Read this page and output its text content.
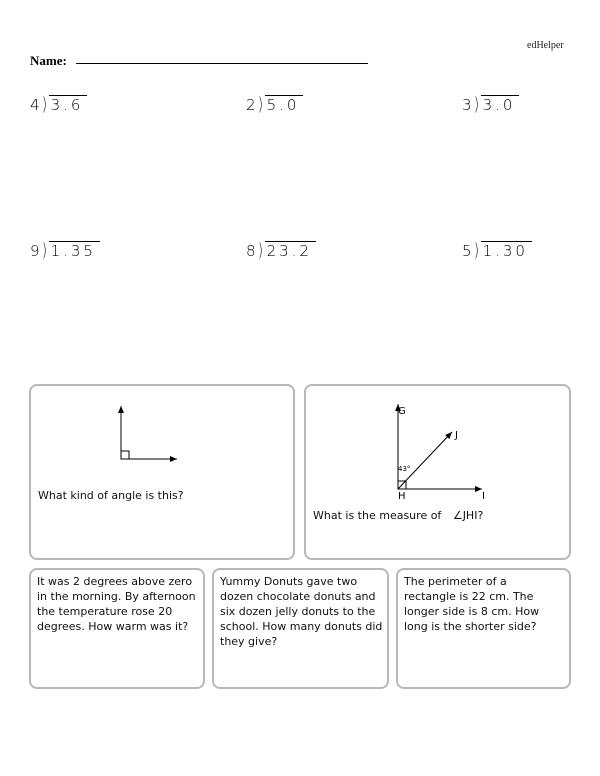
edHelper
Name:
4 ) 3.6	2 ) 5.0	3 ) 3.0
9 ) 1.35	8 ) 23.2	5 ) 1.30
What kind of angle is this?
G
J
H	I
43°
What is the measure of ∠JHI?
It was 2 degrees above zero in the morning. By afternoon the temperature rose 20 degrees. How warm was it?
Yummy Donuts gave two dozen chocolate donuts and six dozen jelly donuts to the school. How many donuts did they give?
The perimeter of a rectangle is 22 cm. The longer side is 8 cm. How long is the shorter side?
